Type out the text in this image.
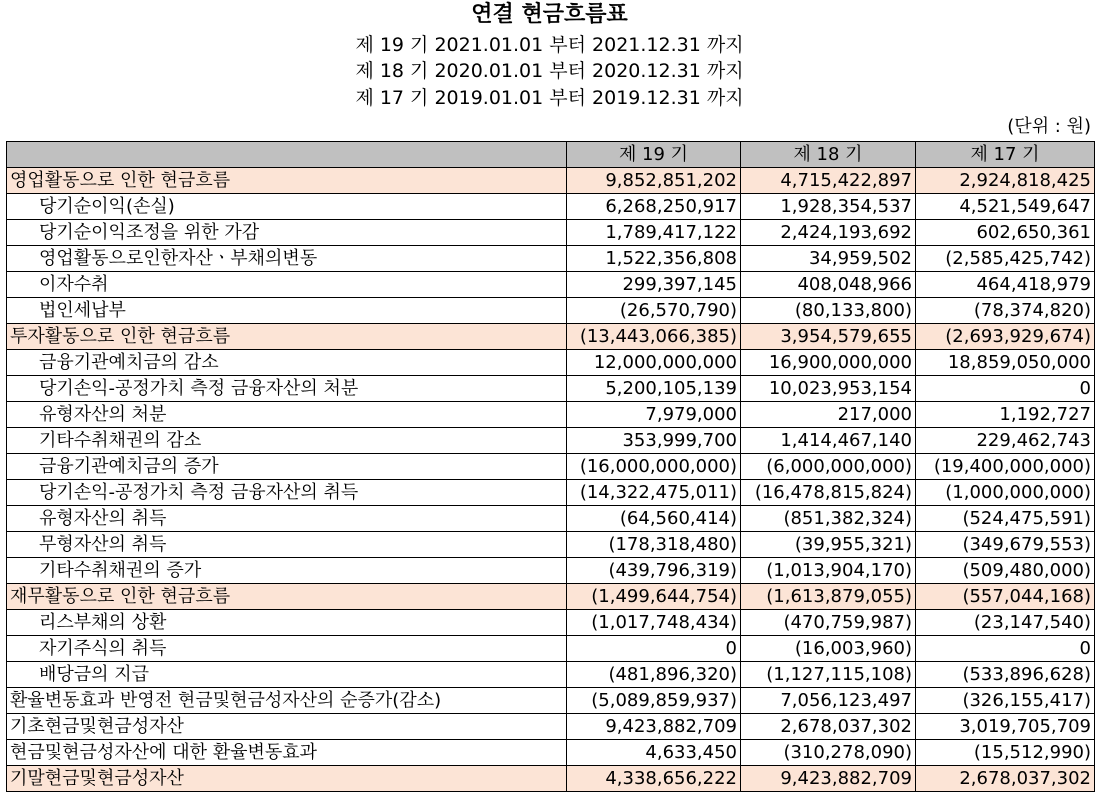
연결 현금흐름표
제 19 기 2021.01.01 부터 2021.12.31 까지
제 18 기 2020.01.01 부터 2020.12.31 까지
제 17 기 2019.01.01 부터 2019.12.31 까지
(단위 : 원)
	제 19 기	제 18 기	제 17 기
영업활동으로 인한 현금흐름	9,852,851,202	4,715,422,897	2,924,818,425
당기순이익(손실)	6,268,250,917	1,928,354,537	4,521,549,647
당기순이익조정을 위한 가감	1,789,417,122	2,424,193,692	602,650,361
영업활동으로인한자산ㆍ부채의변동	1,522,356,808	34,959,502	(2,585,425,742)
이자수취	299,397,145	408,048,966	464,418,979
법인세납부	(26,570,790)	(80,133,800)	(78,374,820)
투자활동으로 인한 현금흐름	(13,443,066,385)	3,954,579,655	(2,693,929,674)
금융기관예치금의 감소	12,000,000,000	16,900,000,000	18,859,050,000
당기손익-공정가치 측정 금융자산의 처분	5,200,105,139	10,023,953,154	0
유형자산의 처분	7,979,000	217,000	1,192,727
기타수취채권의 감소	353,999,700	1,414,467,140	229,462,743
금융기관예치금의 증가	(16,000,000,000)	(6,000,000,000)	(19,400,000,000)
당기손익-공정가치 측정 금융자산의 취득	(14,322,475,011)	(16,478,815,824)	(1,000,000,000)
유형자산의 취득	(64,560,414)	(851,382,324)	(524,475,591)
무형자산의 취득	(178,318,480)	(39,955,321)	(349,679,553)
기타수취채권의 증가	(439,796,319)	(1,013,904,170)	(509,480,000)
재무활동으로 인한 현금흐름	(1,499,644,754)	(1,613,879,055)	(557,044,168)
리스부채의 상환	(1,017,748,434)	(470,759,987)	(23,147,540)
자기주식의 취득	0	(16,003,960)	0
배당금의 지급	(481,896,320)	(1,127,115,108)	(533,896,628)
환율변동효과 반영전 현금및현금성자산의 순증가(감소)	(5,089,859,937)	7,056,123,497	(326,155,417)
기초현금및현금성자산	9,423,882,709	2,678,037,302	3,019,705,709
현금및현금성자산에 대한 환율변동효과	4,633,450	(310,278,090)	(15,512,990)
기말현금및현금성자산	4,338,656,222	9,423,882,709	2,678,037,302
